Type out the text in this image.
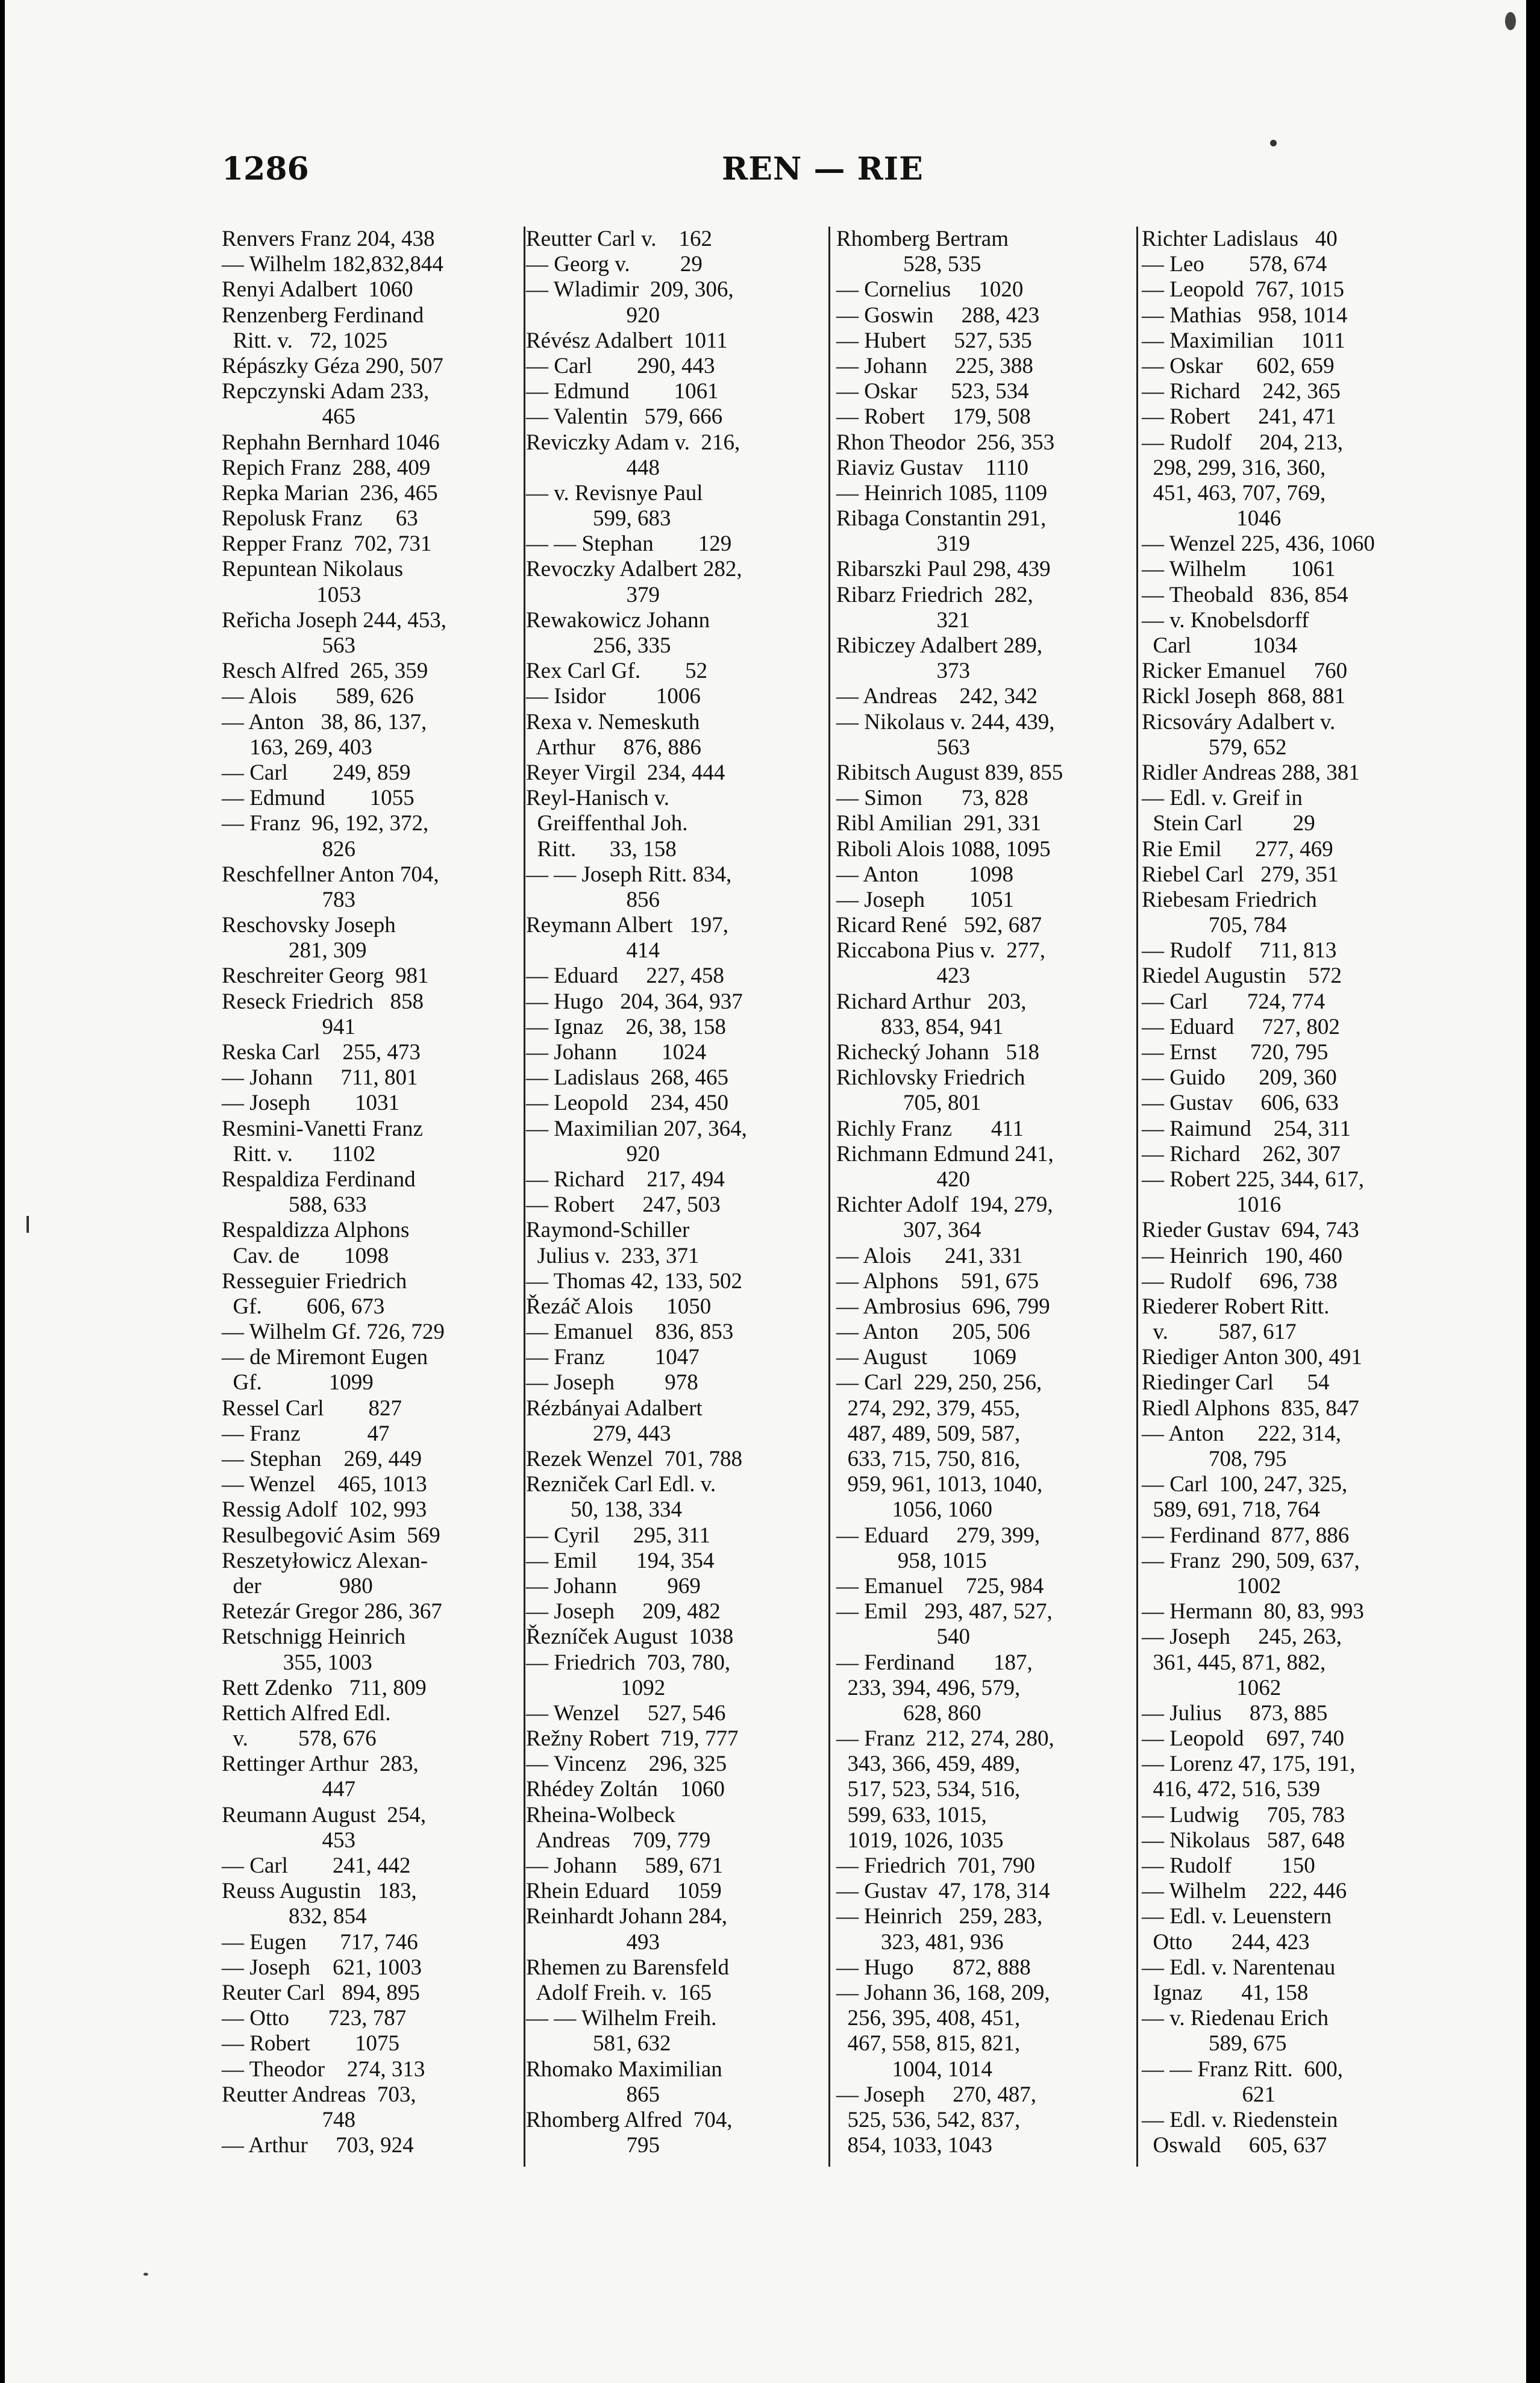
1286	REN — RIE
Renvers Franz 204, 438
— Wilhelm 182,832,844
Renyi Adalbert  1060
Renzenberg Ferdinand
Ritt. v.   72, 1025
Répászky Géza 290, 507
Repczynski Adam 233,
465
Rephahn Bernhard 1046
Repich Franz  288, 409
Repka Marian  236, 465
Repolusk Franz      63
Repper Franz  702, 731
Repuntean Nikolaus
1053
Reřicha Joseph 244, 453,
563
Resch Alfred  265, 359
— Alois       589, 626
— Anton   38, 86, 137,
163, 269, 403
— Carl        249, 859
— Edmund        1055
— Franz  96, 192, 372,
826
Reschfellner Anton 704,
783
Reschovsky Joseph
281, 309
Reschreiter Georg  981
Reseck Friedrich   858
941
Reska Carl    255, 473
— Johann     711, 801
— Joseph        1031
Resmini-Vanetti Franz
Ritt. v.       1102
Respaldiza Ferdinand
588, 633
Respaldizza Alphons
Cav. de        1098
Resseguier Friedrich
Gf.        606, 673
— Wilhelm Gf. 726, 729
— de Miremont Eugen
Gf.            1099
Ressel Carl        827
— Franz            47
— Stephan    269, 449
— Wenzel    465, 1013
Ressig Adolf  102, 993
Resulbegović Asim  569
Reszetyłowicz Alexan-
der              980
Retezár Gregor 286, 367
Retschnigg Heinrich
355, 1003
Rett Zdenko   711, 809
Rettich Alfred Edl.
v.         578, 676
Rettinger Arthur  283,
447
Reumann August  254,
453
— Carl        241, 442
Reuss Augustin   183,
832, 854
— Eugen      717, 746
— Joseph    621, 1003
Reuter Carl   894, 895
— Otto       723, 787
— Robert        1075
— Theodor    274, 313
Reutter Andreas  703,
748
— Arthur     703, 924
Reutter Carl v.    162
— Georg v.         29
— Wladimir  209, 306,
920
Révész Adalbert  1011
— Carl        290, 443
— Edmund        1061
— Valentin   579, 666
Reviczky Adam v.  216,
448
— v. Revisnye Paul
599, 683
— — Stephan        129
Revoczky Adalbert 282,
379
Rewakowicz Johann
256, 335
Rex Carl Gf.        52
— Isidor         1006
Rexa v. Nemeskuth
Arthur     876, 886
Reyer Virgil  234, 444
Reyl-Hanisch v.
Greiffenthal Joh.
Ritt.      33, 158
— — Joseph Ritt. 834,
856
Reymann Albert   197,
414
— Eduard     227, 458
— Hugo   204, 364, 937
— Ignaz    26, 38, 158
— Johann        1024
— Ladislaus  268, 465
— Leopold    234, 450
— Maximilian 207, 364,
920
— Richard    217, 494
— Robert     247, 503
Raymond-Schiller
Julius v.  233, 371
— Thomas 42, 133, 502
Řezáč Alois      1050
— Emanuel    836, 853
— Franz         1047
— Joseph         978
Rézbányai Adalbert
279, 443
Rezek Wenzel  701, 788
Rezniček Carl Edl. v.
50, 138, 334
— Cyril      295, 311
— Emil       194, 354
— Johann         969
— Joseph     209, 482
Řezníček August  1038
— Friedrich  703, 780,
1092
— Wenzel     527, 546
Režny Robert  719, 777
— Vincenz    296, 325
Rhédey Zoltán    1060
Rheina-Wolbeck
Andreas    709, 779
— Johann     589, 671
Rhein Eduard     1059
Reinhardt Johann 284,
493
Rhemen zu Barensfeld
Adolf Freih. v.  165
— — Wilhelm Freih.
581, 632
Rhomako Maximilian
865
Rhomberg Alfred  704,
795
Rhomberg Bertram
528, 535
— Cornelius     1020
— Goswin     288, 423
— Hubert     527, 535
— Johann     225, 388
— Oskar      523, 534
— Robert     179, 508
Rhon Theodor  256, 353
Riaviz Gustav    1110
— Heinrich 1085, 1109
Ribaga Constantin 291,
319
Ribarszki Paul 298, 439
Ribarz Friedrich  282,
321
Ribiczey Adalbert 289,
373
— Andreas    242, 342
— Nikolaus v. 244, 439,
563
Ribitsch August 839, 855
— Simon       73, 828
Ribl Amilian  291, 331
Riboli Alois 1088, 1095
— Anton         1098
— Joseph        1051
Ricard René   592, 687
Riccabona Pius v.  277,
423
Richard Arthur   203,
833, 854, 941
Richecký Johann   518
Richlovsky Friedrich
705, 801
Richly Franz       411
Richmann Edmund 241,
420
Richter Adolf  194, 279,
307, 364
— Alois      241, 331
— Alphons    591, 675
— Ambrosius  696, 799
— Anton      205, 506
— August        1069
— Carl  229, 250, 256,
274, 292, 379, 455,
487, 489, 509, 587,
633, 715, 750, 816,
959, 961, 1013, 1040,
1056, 1060
— Eduard     279, 399,
958, 1015
— Emanuel    725, 984
— Emil   293, 487, 527,
540
— Ferdinand       187,
233, 394, 496, 579,
628, 860
— Franz  212, 274, 280,
343, 366, 459, 489,
517, 523, 534, 516,
599, 633, 1015,
1019, 1026, 1035
— Friedrich  701, 790
— Gustav  47, 178, 314
— Heinrich   259, 283,
323, 481, 936
— Hugo       872, 888
— Johann 36, 168, 209,
256, 395, 408, 451,
467, 558, 815, 821,
1004, 1014
— Joseph     270, 487,
525, 536, 542, 837,
854, 1033, 1043
Richter Ladislaus   40
— Leo        578, 674
— Leopold  767, 1015
— Mathias   958, 1014
— Maximilian     1011
— Oskar      602, 659
— Richard    242, 365
— Robert     241, 471
— Rudolf     204, 213,
298, 299, 316, 360,
451, 463, 707, 769,
1046
— Wenzel 225, 436, 1060
— Wilhelm        1061
— Theobald   836, 854
— v. Knobelsdorff
Carl           1034
Ricker Emanuel     760
Rickl Joseph  868, 881
Ricsováry Adalbert v.
579, 652
Ridler Andreas 288, 381
— Edl. v. Greif in
Stein Carl         29
Rie Emil      277, 469
Riebel Carl   279, 351
Riebesam Friedrich
705, 784
— Rudolf     711, 813
Riedel Augustin    572
— Carl       724, 774
— Eduard     727, 802
— Ernst      720, 795
— Guido      209, 360
— Gustav     606, 633
— Raimund    254, 311
— Richard    262, 307
— Robert 225, 344, 617,
1016
Rieder Gustav  694, 743
— Heinrich   190, 460
— Rudolf     696, 738
Riederer Robert Ritt.
v.         587, 617
Riediger Anton 300, 491
Riedinger Carl      54
Riedl Alphons  835, 847
— Anton      222, 314,
708, 795
— Carl  100, 247, 325,
589, 691, 718, 764
— Ferdinand  877, 886
— Franz  290, 509, 637,
1002
— Hermann  80, 83, 993
— Joseph     245, 263,
361, 445, 871, 882,
1062
— Julius     873, 885
— Leopold    697, 740
— Lorenz 47, 175, 191,
416, 472, 516, 539
— Ludwig     705, 783
— Nikolaus   587, 648
— Rudolf         150
— Wilhelm    222, 446
— Edl. v. Leuenstern
Otto       244, 423
— Edl. v. Narentenau
Ignaz       41, 158
— v. Riedenau Erich
589, 675
— — Franz Ritt.  600,
621
— Edl. v. Riedenstein
Oswald     605, 637
